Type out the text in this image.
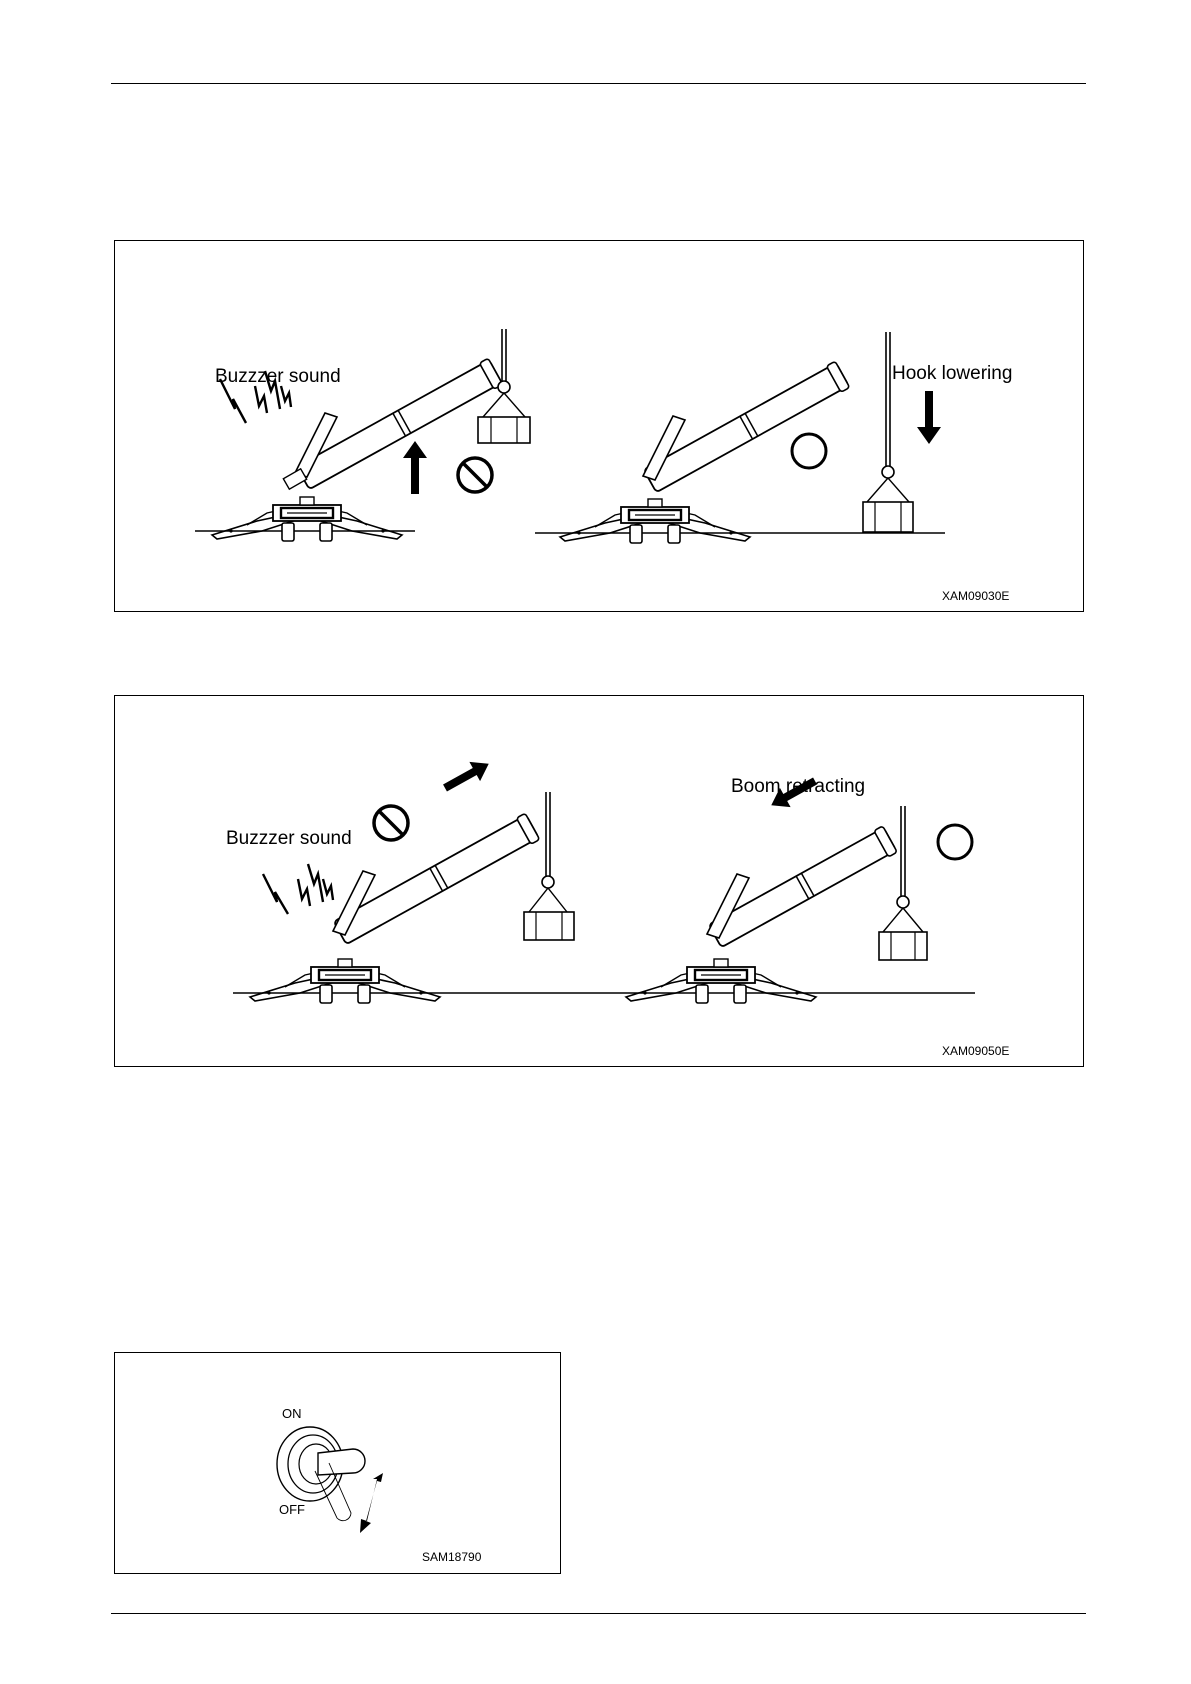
Buzzzer sound	Hook lowering
XAM09030E
Buzzzer sound
Boom retracting
XAM09050E
ON
OFF
SAM18790
